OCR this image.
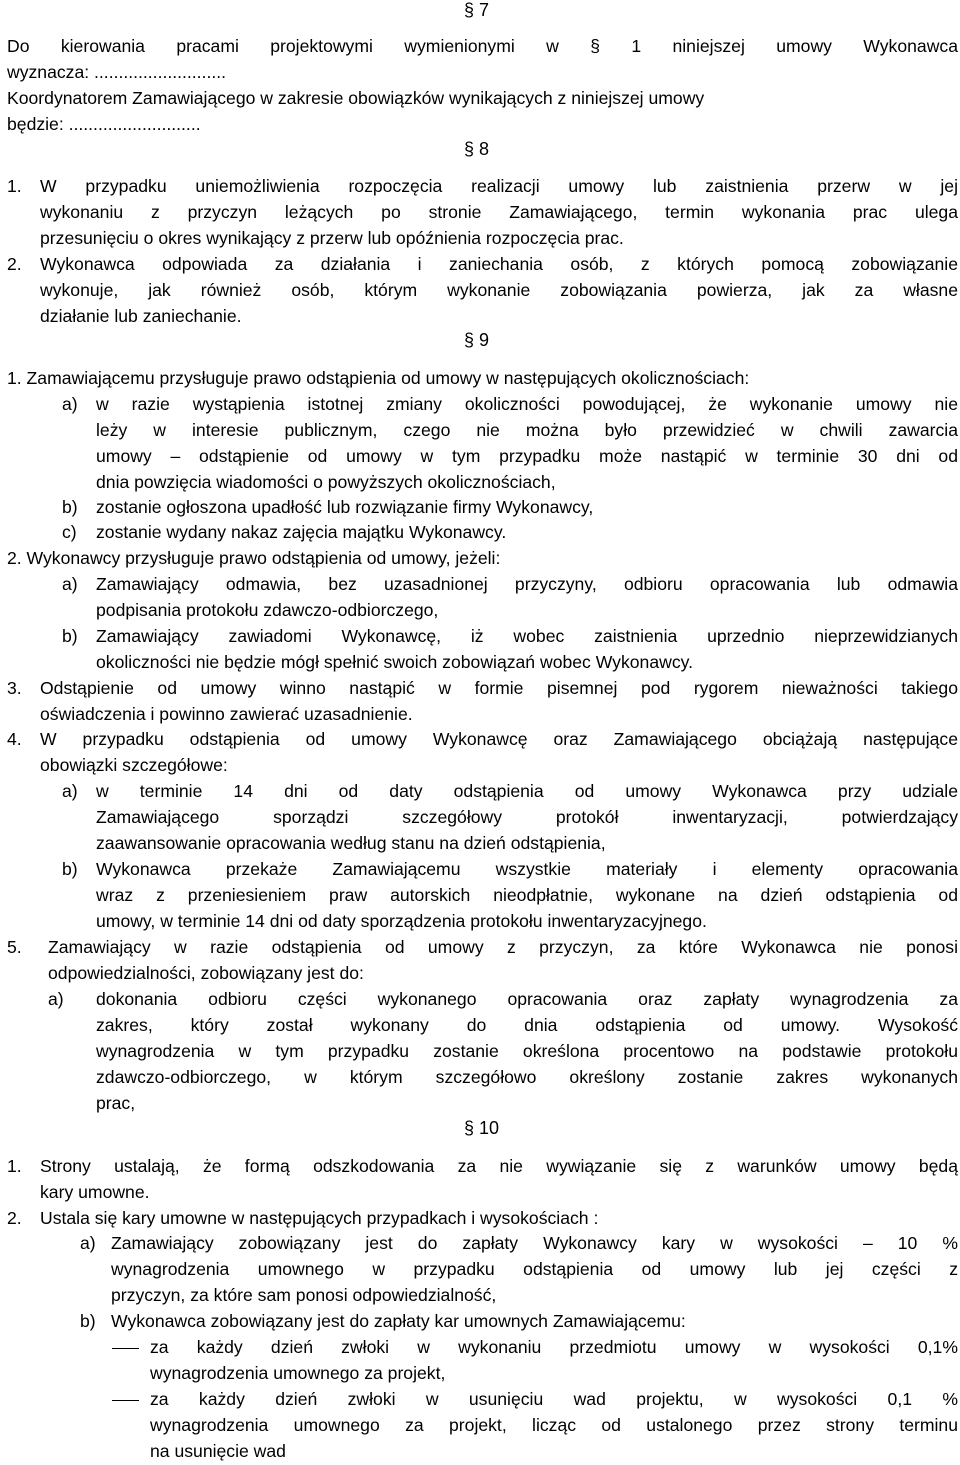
§ 7
Do kierowania pracami projektowymi wymienionymi w § 1 niniejszej umowy Wykonawca
wyznacza: ...........................
Koordynatorem Zamawiającego w zakresie obowiązków wynikających z niniejszej umowy
będzie: ...........................
§ 8
1. W przypadku uniemożliwienia rozpoczęcia realizacji umowy lub zaistnienia przerw w jej
wykonaniu z przyczyn leżących po stronie Zamawiającego, termin wykonania prac ulega
przesunięciu o okres wynikający z przerw lub opóźnienia rozpoczęcia prac.
2. Wykonawca odpowiada za działania i zaniechania osób, z których pomocą zobowiązanie
wykonuje, jak również osób, którym wykonanie zobowiązania powierza, jak za własne
działanie lub zaniechanie.
§ 9
1. Zamawiającemu przysługuje prawo odstąpienia od umowy w następujących okolicznościach:
a) w razie wystąpienia istotnej zmiany okoliczności powodującej, że wykonanie umowy nie
leży w interesie publicznym, czego nie można było przewidzieć w chwili zawarcia
umowy – odstąpienie od umowy w tym przypadku może nastąpić w terminie 30 dni od
dnia powzięcia wiadomości o powyższych okolicznościach,
b) zostanie ogłoszona upadłość lub rozwiązanie firmy Wykonawcy,
c) zostanie wydany nakaz zajęcia majątku Wykonawcy.
2. Wykonawcy przysługuje prawo odstąpienia od umowy, jeżeli:
a) Zamawiający odmawia, bez uzasadnionej przyczyny, odbioru opracowania lub odmawia
podpisania protokołu zdawczo-odbiorczego,
b) Zamawiający zawiadomi Wykonawcę, iż wobec zaistnienia uprzednio nieprzewidzianych
okoliczności nie będzie mógł spełnić swoich zobowiązań wobec Wykonawcy.
3. Odstąpienie od umowy winno nastąpić w formie pisemnej pod rygorem nieważności takiego
oświadczenia i powinno zawierać uzasadnienie.
4. W przypadku odstąpienia od umowy Wykonawcę oraz Zamawiającego obciążają następujące
obowiązki szczegółowe:
a) w terminie 14 dni od daty odstąpienia od umowy Wykonawca przy udziale
Zamawiającego sporządzi szczegółowy protokół inwentaryzacji, potwierdzający
zaawansowanie opracowania według stanu na dzień odstąpienia,
b) Wykonawca przekaże Zamawiającemu wszystkie materiały i elementy opracowania
wraz z przeniesieniem praw autorskich nieodpłatnie, wykonane na dzień odstąpienia od
umowy, w terminie 14 dni od daty sporządzenia protokołu inwentaryzacyjnego.
5. Zamawiający w razie odstąpienia od umowy z przyczyn, za które Wykonawca nie ponosi
odpowiedzialności, zobowiązany jest do:
a) dokonania odbioru części wykonanego opracowania oraz zapłaty wynagrodzenia za
zakres, który został wykonany do dnia odstąpienia od umowy. Wysokość
wynagrodzenia w tym przypadku zostanie określona procentowo na podstawie protokołu
zdawczo-odbiorczego, w którym szczegółowo określony zostanie zakres wykonanych
prac,
§ 10
1. Strony ustalają, że formą odszkodowania za nie wywiązanie się z warunków umowy będą
kary umowne.
2. Ustala się kary umowne w następujących przypadkach i wysokościach :
a) Zamawiający zobowiązany jest do zapłaty Wykonawcy kary w wysokości – 10 %
wynagrodzenia umownego w przypadku odstąpienia od umowy lub jej części z
przyczyn, za które sam ponosi odpowiedzialność,
b) Wykonawca zobowiązany jest do zapłaty kar umownych Zamawiającemu:
za każdy dzień zwłoki w wykonaniu przedmiotu umowy w wysokości 0,1%
wynagrodzenia umownego za projekt,
za każdy dzień zwłoki w usunięciu wad projektu, w wysokości 0,1 %
wynagrodzenia umownego za projekt, licząc od ustalonego przez strony terminu
na usunięcie wad
